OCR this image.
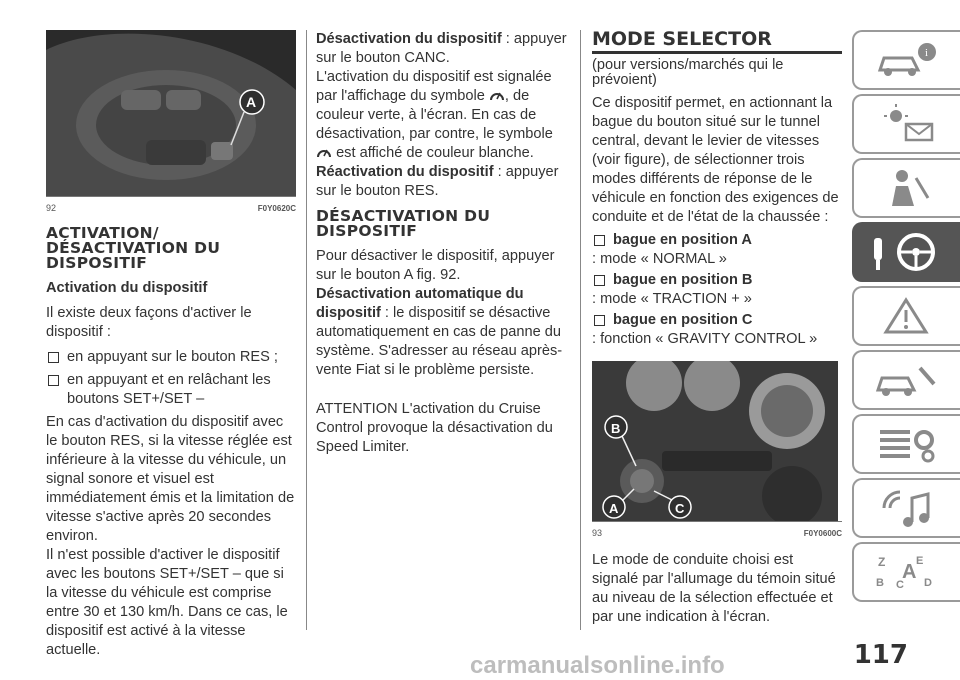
A
92	F0Y0620C
ACTIVATION/ DÉSACTIVATION DU DISPOSITIF
Activation du dispositif

Il existe deux façons d'activer le dispositif :

en appuyant sur le bouton RES ;
en appuyant et en relâchant les boutons SET+/SET –

En cas d'activation du dispositif avec le bouton RES, si la vitesse réglée est inférieure à la vitesse du véhicule, un signal sonore et visuel est immédiatement émis et la limitation de vitesse s'active après 20 secondes environ.

Il n'est possible d'activer le dispositif avec les boutons SET+/SET – que si la vitesse du véhicule est comprise entre 30 et 130 km/h. Dans ce cas, le dispositif est activé à la vitesse actuelle.

Désactivation du dispositif : appuyer sur le bouton CANC.

L'activation du dispositif est signalée par l'affichage du symbole , de couleur verte, à l'écran. En cas de désactivation, par contre, le symbole  est affiché de couleur blanche.

Réactivation du dispositif : appuyer sur le bouton RES.

DÉSACTIVATION DU DISPOSITIF

Pour désactiver le dispositif, appuyer sur le bouton A fig. 92.

Désactivation automatique du dispositif : le dispositif se désactive automatiquement en cas de panne du système. S'adresser au réseau après-vente Fiat si le problème persiste.

ATTENTION L'activation du Cruise Control provoque la désactivation du Speed Limiter.

MODE SELECTOR

(pour versions/marchés qui le prévoient)

Ce dispositif permet, en actionnant la bague du bouton situé sur le tunnel central, devant le levier de vitesses (voir figure), de sélectionner trois modes différents de réponse de le véhicule en fonction des exigences de conduite et de l'état de la chaussée :

bague en position A
: mode « NORMAL »
bague en position B
: mode « TRACTION + »
bague en position C
: fonction « GRAVITY CONTROL »
A
B
C
93	F0Y0600C

Le mode de conduite choisi est signalé par l'allumage du témoin situé au niveau de la sélection effectuée et par une indication à l'écran.

i
Z	E
B C
A D
117
carmanualsonline.info
